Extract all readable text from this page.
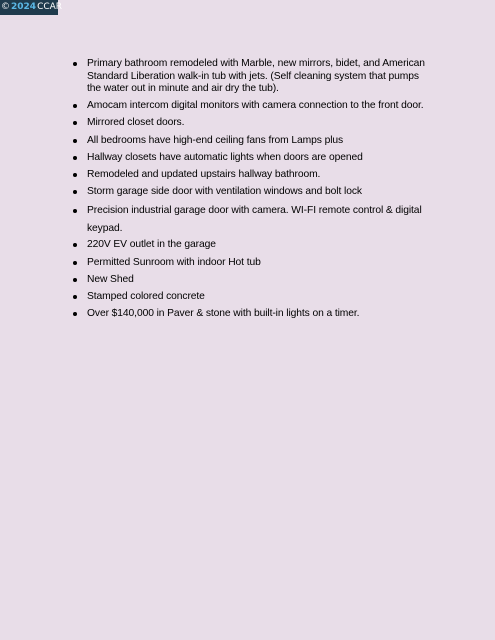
© 2024 CCAR
Primary bathroom remodeled with Marble, new mirrors, bidet, and American Standard Liberation walk-in tub with jets. (Self cleaning system that pumps the water out in minute and air dry the tub).
Amocam intercom digital monitors with camera connection to the front door.
Mirrored closet doors.
All bedrooms have high-end ceiling fans from Lamps plus
Hallway closets have automatic lights when doors are opened
Remodeled and updated upstairs hallway bathroom.
Storm garage side door with ventilation windows and bolt lock
Precision industrial garage door with camera. WI-FI remote control & digital keypad.
220V EV outlet in the garage
Permitted Sunroom with indoor Hot tub
New Shed
Stamped colored concrete
Over $140,000 in Paver & stone with built-in lights on a timer.
